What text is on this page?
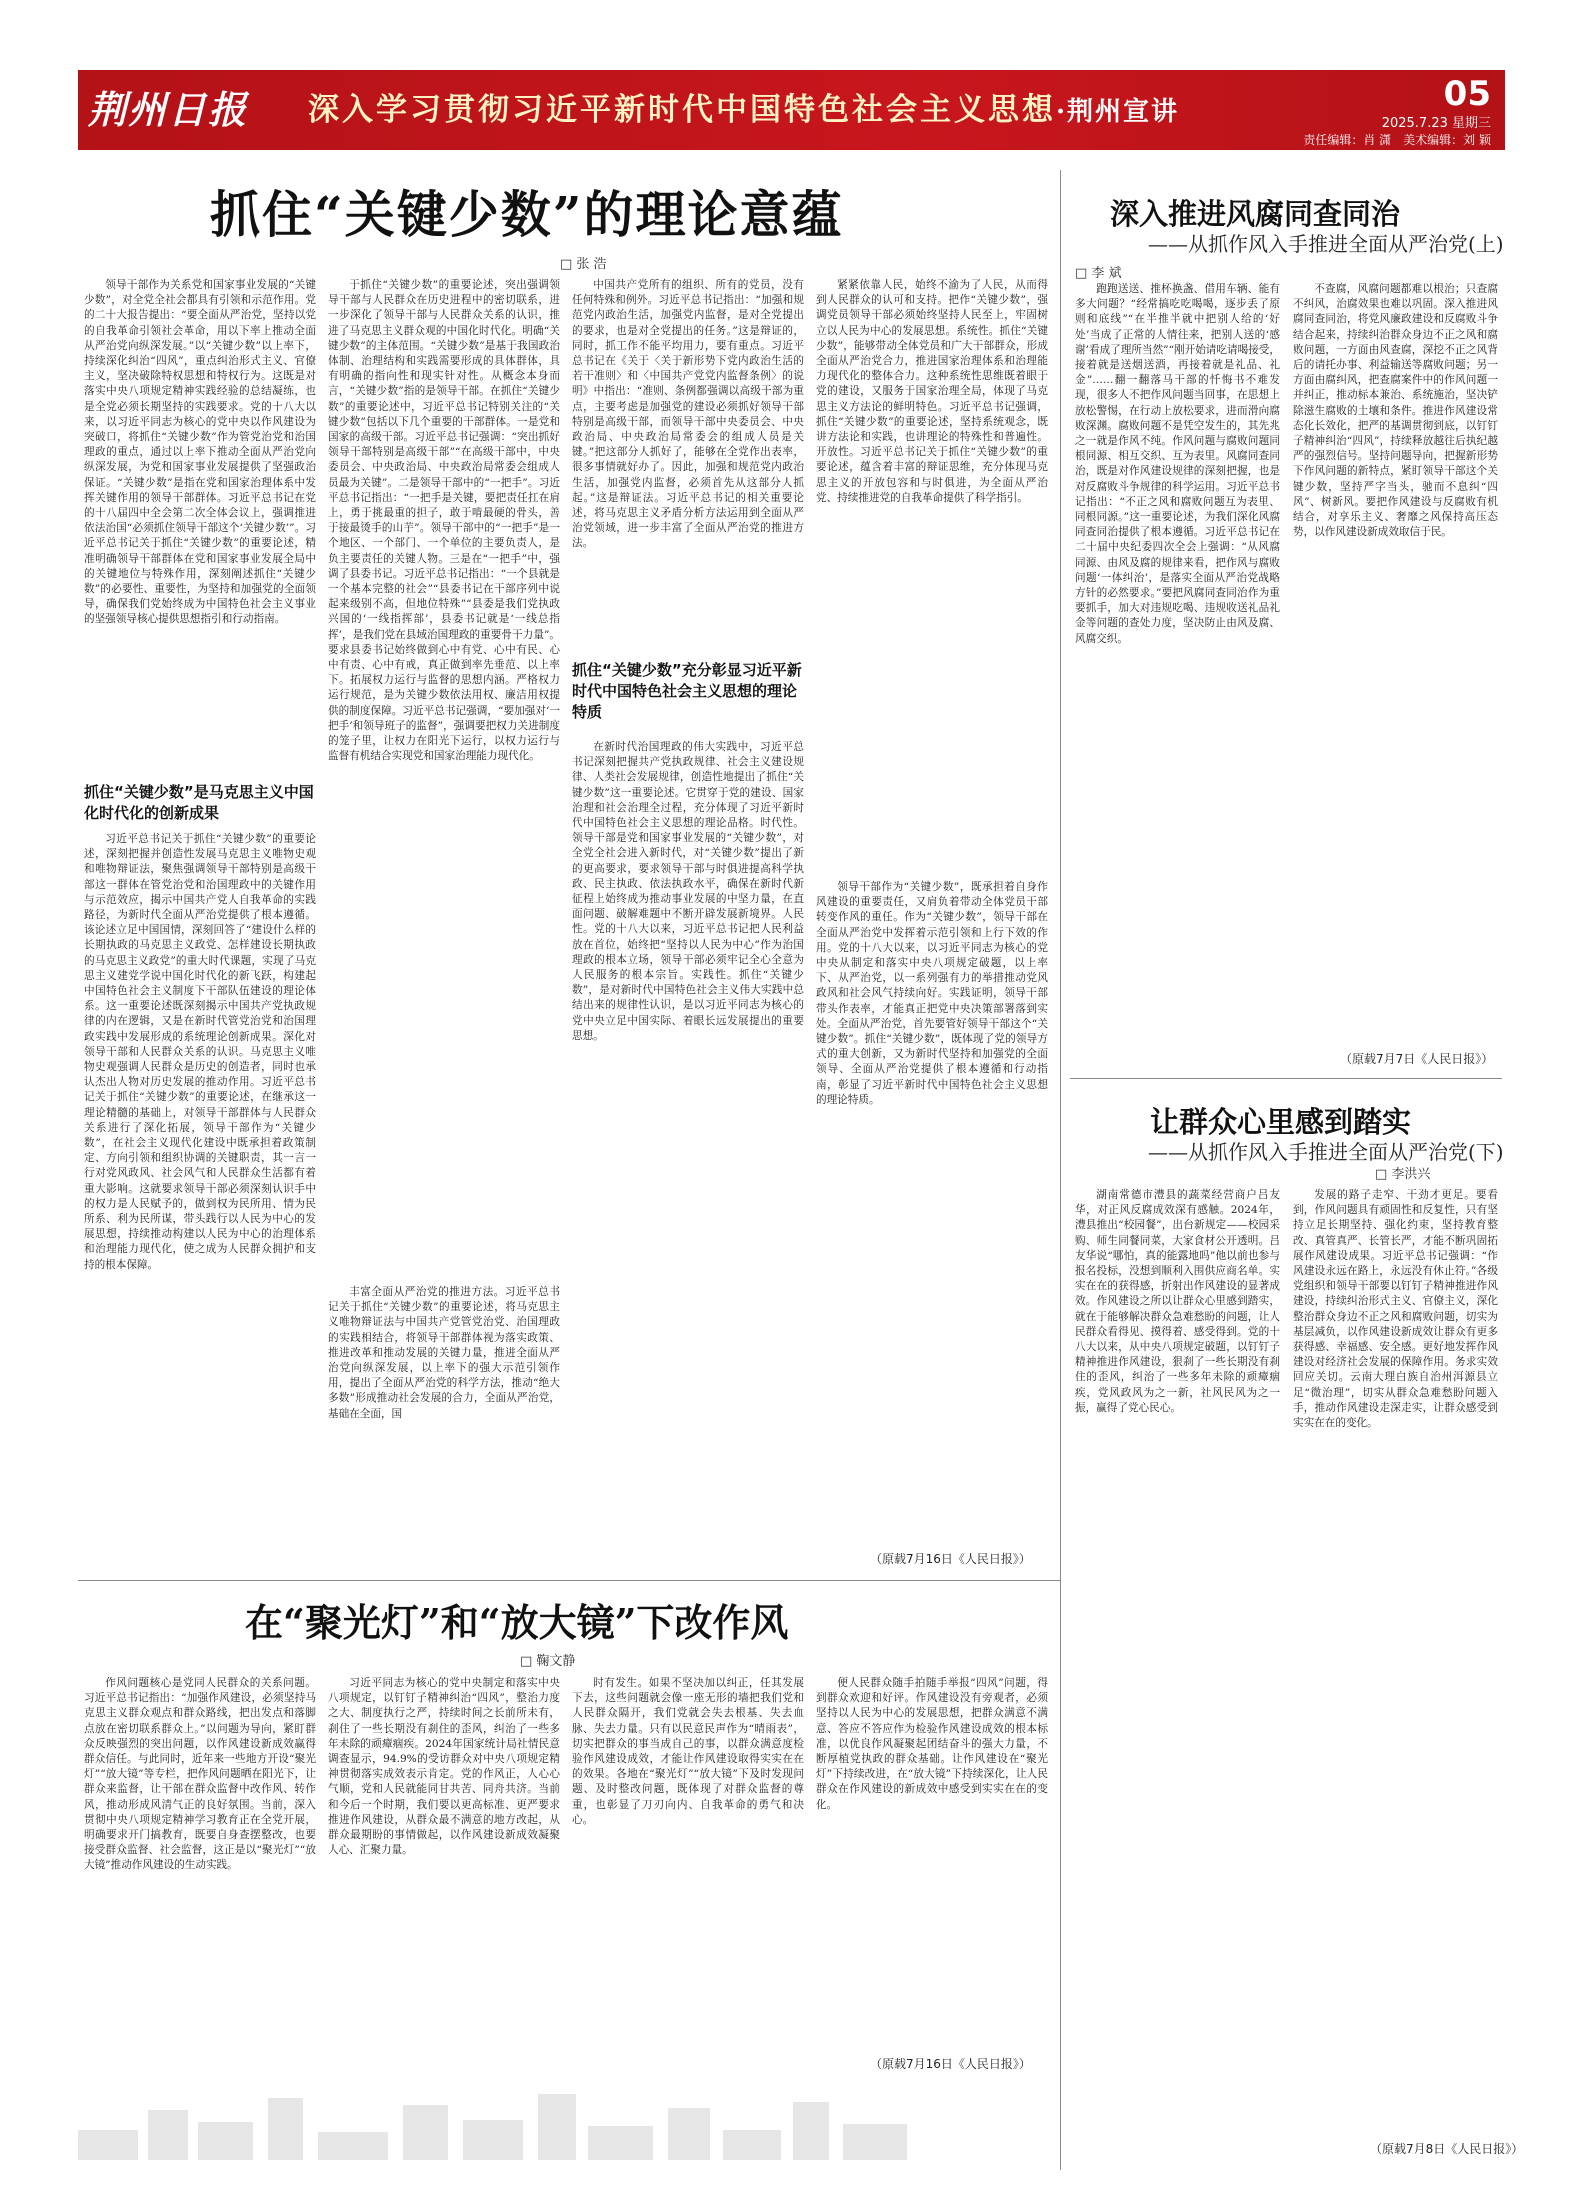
荆州日报	深入学习贯彻习近平新时代中国特色社会主义思想·荆州宣讲	05
2025.7.23 星期三
责任编辑：肖 潇　美术编辑：刘 颖
抓住“关键少数”的理论意蕴
□ 张 浩

领导干部作为关系党和国家事业发展的“关键少数”，对全党全社会都具有引领和示范作用。党的二十大报告提出：“要全面从严治党，坚持以党的自我革命引领社会革命，用以下率上推动全面从严治党向纵深发展。”以“关键少数”以上率下，持续深化纠治“四风”，重点纠治形式主义、官僚主义，坚决破除特权思想和特权行为。这既是对落实中央八项规定精神实践经验的总结凝练，也是全党必须长期坚持的实践要求。党的十八大以来，以习近平同志为核心的党中央以作风建设为突破口，将抓住“关键少数”作为管党治党和治国理政的重点，通过以上率下推动全面从严治党向纵深发展，为党和国家事业发展提供了坚强政治保证。“关键少数”是指在党和国家治理体系中发挥关键作用的领导干部群体。习近平总书记在党的十八届四中全会第二次全体会议上，强调推进依法治国“必须抓住领导干部这个‘关键少数’”。习近平总书记关于抓住“关键少数”的重要论述，精准明确领导干部群体在党和国家事业发展全局中的关键地位与特殊作用，深刻阐述抓住“关键少数”的必要性、重要性，为坚持和加强党的全面领导，确保我们党始终成为中国特色社会主义事业的坚强领导核心提供思想指引和行动指南。

抓住“关键少数”是马克思主义中国化时代化的创新成果

习近平总书记关于抓住“关键少数”的重要论述，深刻把握并创造性发展马克思主义唯物史观和唯物辩证法，聚焦强调领导干部特别是高级干部这一群体在管党治党和治国理政中的关键作用与示范效应，揭示中国共产党人自我革命的实践路径，为新时代全面从严治党提供了根本遵循。该论述立足中国国情，深刻回答了“建设什么样的长期执政的马克思主义政党、怎样建设长期执政的马克思主义政党”的重大时代课题，实现了马克思主义建党学说中国化时代化的新飞跃，构建起中国特色社会主义制度下干部队伍建设的理论体系。这一重要论述既深刻揭示中国共产党执政规律的内在逻辑，又是在新时代管党治党和治国理政实践中发展形成的系统理论创新成果。深化对领导干部和人民群众关系的认识。马克思主义唯物史观强调人民群众是历史的创造者，同时也承认杰出人物对历史发展的推动作用。习近平总书记关于抓住“关键少数”的重要论述，在继承这一理论精髓的基础上，对领导干部群体与人民群众关系进行了深化拓展，领导干部作为“关键少数”，在社会主义现代化建设中既承担着政策制定、方向引领和组织协调的关键职责，其一言一行对党风政风、社会风气和人民群众生活都有着重大影响。这就要求领导干部必须深刻认识手中的权力是人民赋予的，做到权为民所用、情为民所系、利为民所谋，带头践行以人民为中心的发展思想，持续推动构建以人民为中心的治理体系和治理能力现代化，使之成为人民群众拥护和支持的根本保障。

于抓住“关键少数”的重要论述，突出强调领导干部与人民群众在历史进程中的密切联系，进一步深化了领导干部与人民群众关系的认识，推进了马克思主义群众观的中国化时代化。明确“关键少数”的主体范围。“关键少数”是基于我国政治体制、治理结构和实践需要形成的具体群体，具有明确的指向性和现实针对性。从概念本身而言，“关键少数”指的是领导干部。在抓住“关键少数”的重要论述中，习近平总书记特别关注的“关键少数”包括以下几个重要的干部群体。一是党和国家的高级干部。习近平总书记强调：“突出抓好领导干部特别是高级干部”“在高级干部中，中央委员会、中央政治局、中央政治局常委会组成人员最为关键”。二是领导干部中的“一把手”。习近平总书记指出：“一把手是关键，要把责任扛在肩上，勇于挑最重的担子，敢于啃最硬的骨头，善于接最烫手的山芋”。领导干部中的“一把手”是一个地区、一个部门、一个单位的主要负责人，是负主要责任的关键人物。三是在“一把手”中，强调了县委书记。习近平总书记指出：“一个县就是一个基本完整的社会”“县委书记在干部序列中说起来级别不高，但地位特殊”“县委是我们党执政兴国的‘一线指挥部’，县委书记就是‘一线总指挥’，是我们党在县域治国理政的重要骨干力量”。要求县委书记始终做到心中有党、心中有民、心中有责、心中有戒，真正做到率先垂范、以上率下。拓展权力运行与监督的思想内涵。严格权力运行规范，是为关键少数依法用权、廉洁用权提供的制度保障。习近平总书记强调，“要加强对‘一把手’和领导班子的监督”，强调要把权力关进制度的笼子里，让权力在阳光下运行，以权力运行与监督有机结合实现党和国家治理能力现代化。

丰富全面从严治党的推进方法。习近平总书记关于抓住“关键少数”的重要论述，将马克思主义唯物辩证法与中国共产党管党治党、治国理政的实践相结合，将领导干部群体视为落实政策、推进改革和推动发展的关键力量，推进全面从严治党向纵深发展，以上率下的强大示范引领作用，提出了全面从严治党的科学方法，推动“绝大多数”形成推动社会发展的合力，全面从严治党，基础在全面，国

中国共产党所有的组织、所有的党员，没有任何特殊和例外。习近平总书记指出：“加强和规范党内政治生活，加强党内监督，是对全党提出的要求，也是对全党提出的任务。”这是辩证的，同时，抓工作不能平均用力，要有重点。习近平总书记在《关于〈关于新形势下党内政治生活的若干准则〉和〈中国共产党党内监督条例〉的说明》中指出：“准则、条例都强调以高级干部为重点，主要考虑是加强党的建设必须抓好领导干部特别是高级干部，而领导干部中央委员会、中央政治局、中央政治局常委会的组成人员是关键。”把这部分人抓好了，能够在全党作出表率，很多事情就好办了。因此，加强和规范党内政治生活，加强党内监督，必须首先从这部分人抓起。”这是辩证法。习近平总书记的相关重要论述，将马克思主义矛盾分析方法运用到全面从严治党领域，进一步丰富了全面从严治党的推进方法。

抓住“关键少数”充分彰显习近平新时代中国特色社会主义思想的理论特质

在新时代治国理政的伟大实践中，习近平总书记深刻把握共产党执政规律、社会主义建设规律、人类社会发展规律，创造性地提出了抓住“关键少数”这一重要论述。它贯穿于党的建设、国家治理和社会治理全过程，充分体现了习近平新时代中国特色社会主义思想的理论品格。时代性。领导干部是党和国家事业发展的“关键少数”，对全党全社会进入新时代，对“关键少数”提出了新的更高要求，要求领导干部与时俱进提高科学执政、民主执政、依法执政水平，确保在新时代新征程上始终成为推动事业发展的中坚力量，在直面问题、破解难题中不断开辟发展新境界。人民性。党的十八大以来，习近平总书记把人民利益放在首位，始终把“坚持以人民为中心”作为治国理政的根本立场，领导干部必须牢记全心全意为人民服务的根本宗旨。实践性。抓住“关键少数”，是对新时代中国特色社会主义伟大实践中总结出来的规律性认识，是以习近平同志为核心的党中央立足中国实际、着眼长远发展提出的重要思想。

紧紧依靠人民，始终不渝为了人民，从而得到人民群众的认可和支持。把作“关键少数”，强调党员领导干部必须始终坚持人民至上，牢固树立以人民为中心的发展思想。系统性。抓住“关键少数”，能够带动全体党员和广大干部群众，形成全面从严治党合力，推进国家治理体系和治理能力现代化的整体合力。这种系统性思维既着眼于党的建设，又服务于国家治理全局，体现了马克思主义方法论的鲜明特色。习近平总书记强调，抓住“关键少数”的重要论述，坚持系统观念，既讲方法论和实践，也讲理论的特殊性和普遍性。开放性。习近平总书记关于抓住“关键少数”的重要论述，蕴含着丰富的辩证思维，充分体现马克思主义的开放包容和与时俱进，为全面从严治党、持续推进党的自我革命提供了科学指引。

领导干部作为“关键少数”，既承担着自身作风建设的重要责任，又肩负着带动全体党员干部转变作风的重任。作为“关键少数”，领导干部在全面从严治党中发挥着示范引领和上行下效的作用。党的十八大以来，以习近平同志为核心的党中央从制定和落实中央八项规定破题，以上率下、从严治党，以一系列强有力的举措推动党风政风和社会风气持续向好。实践证明，领导干部带头作表率，才能真正把党中央决策部署落到实处。全面从严治党，首先要管好领导干部这个“关键少数”。抓住“关键少数”，既体现了党的领导方式的重大创新，又为新时代坚持和加强党的全面领导、全面从严治党提供了根本遵循和行动指南，彰显了习近平新时代中国特色社会主义思想的理论特质。

（原载7月16日《人民日报》）
深入推进风腐同查同治
——从抓作风入手推进全面从严治党(上)
□ 李 斌

跑跑送送、推杯换盏、借用车辆、能有多大问题？“经常搞吃吃喝喝，逐步丢了原则和底线”“在半推半就中把别人给的‘好处’当成了正常的人情往来，把别人送的‘感谢’看成了理所当然”“刚开始请吃请喝接受，接着就是送烟送酒，再接着就是礼品、礼金”……翻一翻落马干部的忏悔书不难发现，很多人不把作风问题当回事，在思想上放松警惕，在行动上放松要求，进而滑向腐败深渊。腐败问题不是凭空发生的，其先兆之一就是作风不纯。作风问题与腐败问题同根同源、相互交织、互为表里。风腐同查同治，既是对作风建设规律的深刻把握，也是对反腐败斗争规律的科学运用。习近平总书记指出：“不正之风和腐败问题互为表里、同根同源。”这一重要论述，为我们深化风腐同查同治提供了根本遵循。习近平总书记在二十届中央纪委四次全会上强调：“从风腐同源、由风及腐的规律来看，把作风与腐败问题‘一体纠治’，是落实全面从严治党战略方针的必然要求。”要把风腐同查同治作为重要抓手，加大对违规吃喝、违规收送礼品礼金等问题的查处力度，坚决防止由风及腐、风腐交织。

不查腐，风腐问题都难以根治；只查腐不纠风，治腐效果也难以巩固。深入推进风腐同查同治，将党风廉政建设和反腐败斗争结合起来，持续纠治群众身边不正之风和腐败问题，一方面由风查腐，深挖不正之风背后的请托办事、利益输送等腐败问题；另一方面由腐纠风，把查腐案件中的作风问题一并纠正，推动标本兼治、系统施治，坚决铲除滋生腐败的土壤和条件。推进作风建设常态化长效化，把严的基调贯彻到底，以钉钉子精神纠治“四风”，持续释放越往后执纪越严的强烈信号。坚持问题导向，把握新形势下作风问题的新特点，紧盯领导干部这个关键少数，坚持严字当头，驰而不息纠“四风”、树新风。要把作风建设与反腐败有机结合，对享乐主义、奢靡之风保持高压态势，以作风建设新成效取信于民。

（原载7月7日《人民日报》）
让群众心里感到踏实
——从抓作风入手推进全面从严治党(下)
□ 李洪兴

湖南常德市澧县的蔬菜经营商户吕友华，对正风反腐成效深有感触。2024年，澧县推出“校园餐”，出台新规定——校园采购、师生同餐同菜，大家食材公开透明。吕友华说“哪怕，真的能露地吗”他以前也参与报名投标，没想到顺利入围供应商名单。实实在在的获得感，折射出作风建设的显著成效。作风建设之所以让群众心里感到踏实，就在于能够解决群众急难愁盼的问题，让人民群众看得见、摸得着、感受得到。党的十八大以来，从中央八项规定破题，以钉钉子精神推进作风建设，狠刹了一些长期没有刹住的歪风，纠治了一些多年未除的顽瘴痼疾，党风政风为之一新，社风民风为之一振，赢得了党心民心。

发展的路子走窄、干劲才更足。要看到，作风问题具有顽固性和反复性，只有坚持立足长期坚持、强化约束，坚持教育整改、真管真严、长管长严，才能不断巩固拓展作风建设成果。习近平总书记强调：“作风建设永远在路上，永远没有休止符。”各级党组织和领导干部要以钉钉子精神推进作风建设，持续纠治形式主义、官僚主义，深化整治群众身边不正之风和腐败问题，切实为基层减负，以作风建设新成效让群众有更多获得感、幸福感、安全感。更好地发挥作风建设对经济社会发展的保障作用。务求实效回应关切。云南大理白族自治州洱源县立足“微治理”，切实从群众急难愁盼问题入手，推动作风建设走深走实，让群众感受到实实在在的变化。

（原载7月8日《人民日报》）
在“聚光灯”和“放大镜”下改作风
□ 鞠文静

作风问题核心是党同人民群众的关系问题。习近平总书记指出：“加强作风建设，必须坚持马克思主义群众观点和群众路线，把出发点和落脚点放在密切联系群众上。”以问题为导向，紧盯群众反映强烈的突出问题，以作风建设新成效赢得群众信任。与此同时，近年来一些地方开设“聚光灯”“放大镜”等专栏，把作风问题晒在阳光下，让群众来监督，让干部在群众监督中改作风、转作风，推动形成风清气正的良好氛围。当前，深入贯彻中央八项规定精神学习教育正在全党开展，明确要求开门搞教育，既要自身查摆整改，也要接受群众监督、社会监督，这正是以“聚光灯”“放大镜”推动作风建设的生动实践。

习近平同志为核心的党中央制定和落实中央八项规定，以钉钉子精神纠治“四风”，整治力度之大、制度执行之严，持续时间之长前所未有，刹住了一些长期没有刹住的歪风，纠治了一些多年未除的顽瘴痼疾。2024年国家统计局社情民意调查显示，94.9%的受访群众对中央八项规定精神贯彻落实成效表示肯定。党的作风正，人心心气顺，党和人民就能同甘共苦、同舟共济。当前和今后一个时期，我们要以更高标准、更严要求推进作风建设，从群众最不满意的地方改起，从群众最期盼的事情做起，以作风建设新成效凝聚人心、汇聚力量。

时有发生。如果不坚决加以纠正，任其发展下去，这些问题就会像一座无形的墙把我们党和人民群众隔开，我们党就会失去根基、失去血脉、失去力量。只有以民意民声作为“晴雨表”，切实把群众的事当成自己的事，以群众满意度检验作风建设成效，才能让作风建设取得实实在在的效果。各地在“聚光灯”“放大镜”下及时发现问题、及时整改问题，既体现了对群众监督的尊重，也彰显了刀刃向内、自我革命的勇气和决心。

便人民群众随手拍随手举报“四风”问题，得到群众欢迎和好评。作风建设没有旁观者，必须坚持以人民为中心的发展思想，把群众满意不满意、答应不答应作为检验作风建设成效的根本标准，以优良作风凝聚起团结奋斗的强大力量，不断厚植党执政的群众基础。让作风建设在“聚光灯”下持续改进，在“放大镜”下持续深化，让人民群众在作风建设的新成效中感受到实实在在的变化。

（原载7月16日《人民日报》）
